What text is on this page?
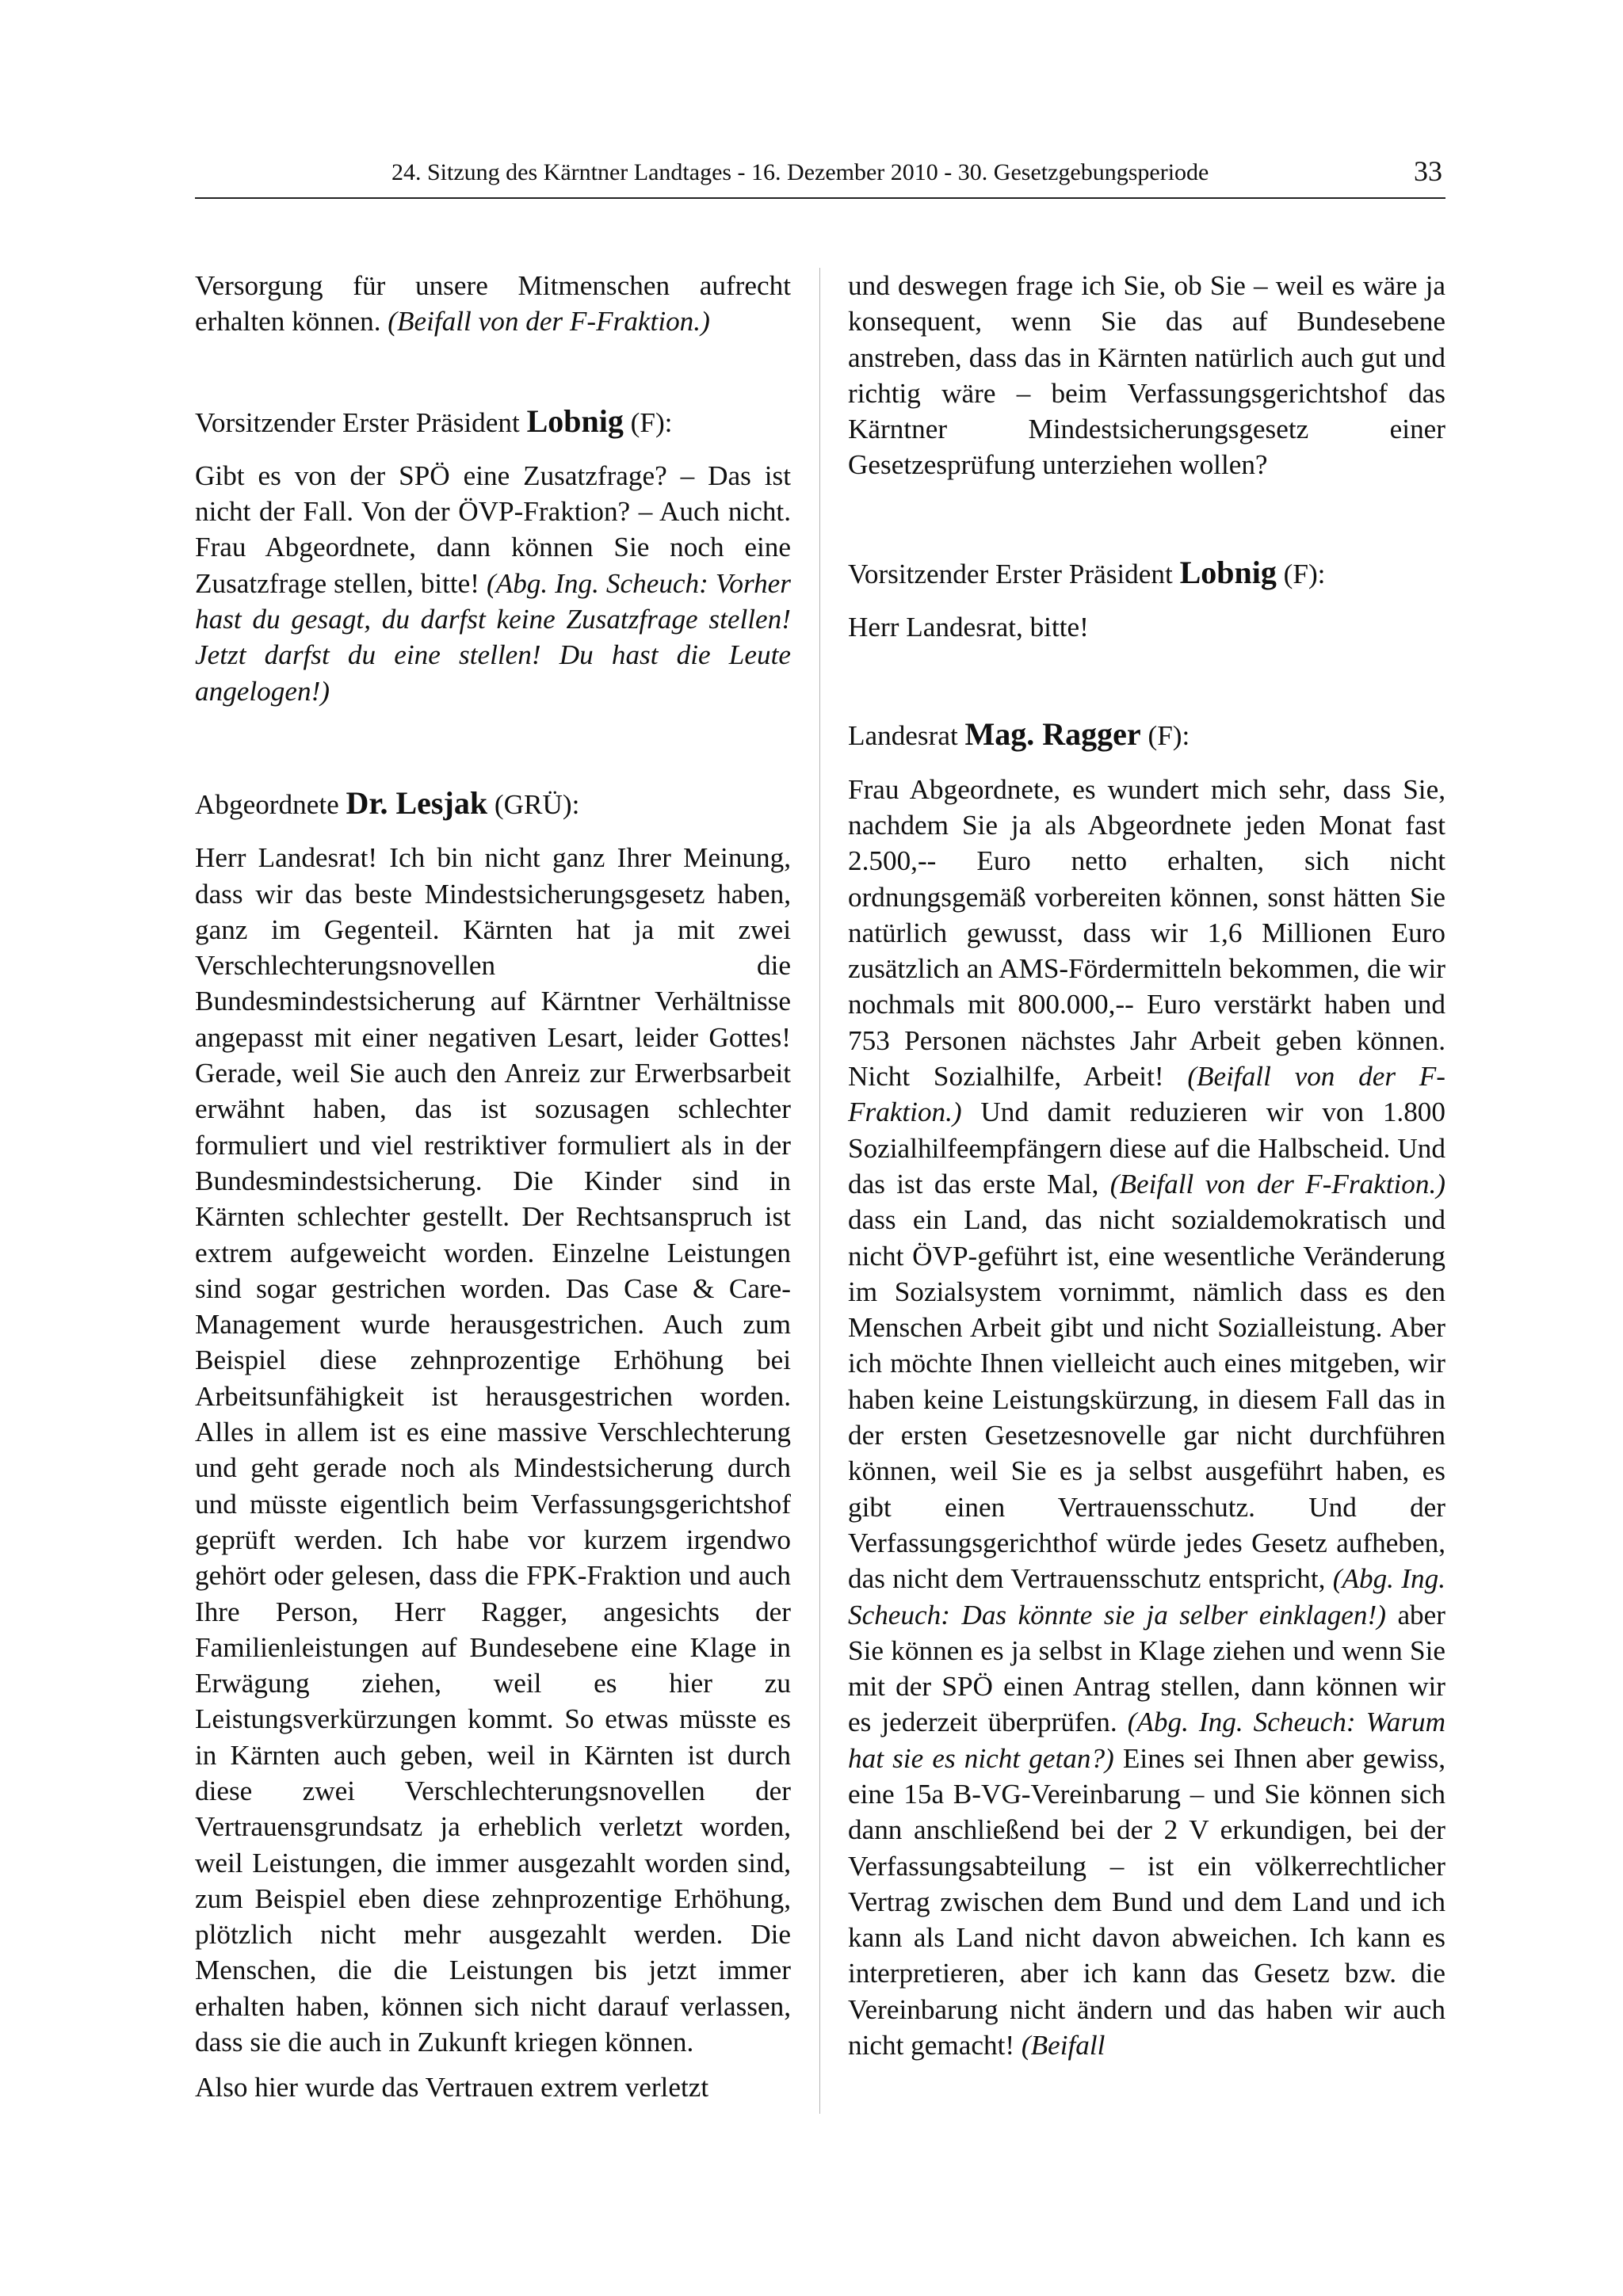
24. Sitzung des Kärntner Landtages - 16. Dezember 2010 - 30. Gesetzgebungsperiode	33

Versorgung für unsere Mitmenschen aufrecht erhalten können. (Beifall von der F-Fraktion.)

Vorsitzender Erster Präsident Lobnig (F):

Gibt es von der SPÖ eine Zusatzfrage? – Das ist nicht der Fall. Von der ÖVP-Fraktion? – Auch nicht. Frau Abgeordnete, dann können Sie noch eine Zusatzfrage stellen, bitte! (Abg. Ing. Scheuch: Vorher hast du gesagt, du darfst keine Zusatzfrage stellen! Jetzt darfst du eine stellen! Du hast die Leute angelogen!)

Abgeordnete Dr. Lesjak (GRÜ):

Herr Landesrat! Ich bin nicht ganz Ihrer Meinung, dass wir das beste Mindestsicherungsgesetz haben, ganz im Gegenteil. Kärnten hat ja mit zwei Verschlechterungsnovellen die Bundesmindestsicherung auf Kärntner Verhältnisse angepasst mit einer negativen Lesart, leider Gottes! Gerade, weil Sie auch den Anreiz zur Erwerbsarbeit erwähnt haben, das ist sozusagen schlechter formuliert und viel restriktiver formuliert als in der Bundesmindestsicherung. Die Kinder sind in Kärnten schlechter gestellt. Der Rechtsanspruch ist extrem aufgeweicht worden. Einzelne Leistungen sind sogar gestrichen worden. Das Case & Care-Management wurde herausgestrichen. Auch zum Beispiel diese zehnprozentige Erhöhung bei Arbeitsunfähigkeit ist herausgestrichen worden. Alles in allem ist es eine massive Verschlechterung und geht gerade noch als Mindestsicherung durch und müsste eigentlich beim Verfassungsgerichtshof geprüft werden. Ich habe vor kurzem irgendwo gehört oder gelesen, dass die FPK-Fraktion und auch Ihre Person, Herr Ragger, angesichts der Familienleistungen auf Bundesebene eine Klage in Erwägung ziehen, weil es hier zu Leistungsverkürzungen kommt. So etwas müsste es in Kärnten auch geben, weil in Kärnten ist durch diese zwei Verschlechterungsnovellen der Vertrauensgrundsatz ja erheblich verletzt worden, weil Leistungen, die immer ausgezahlt worden sind, zum Beispiel eben diese zehnprozentige Erhöhung, plötzlich nicht mehr ausgezahlt werden. Die Menschen, die die Leistungen bis jetzt immer erhalten haben, können sich nicht darauf verlassen, dass sie die auch in Zukunft kriegen können.

Also hier wurde das Vertrauen extrem verletzt

und deswegen frage ich Sie, ob Sie – weil es wäre ja konsequent, wenn Sie das auf Bundesebene anstreben, dass das in Kärnten natürlich auch gut und richtig wäre – beim Verfassungsgerichtshof das Kärntner Mindestsicherungsgesetz einer Gesetzesprüfung unterziehen wollen?

Vorsitzender Erster Präsident Lobnig (F):

Herr Landesrat, bitte!

Landesrat Mag. Ragger (F):

Frau Abgeordnete, es wundert mich sehr, dass Sie, nachdem Sie ja als Abgeordnete jeden Monat fast 2.500,-- Euro netto erhalten, sich nicht ordnungsgemäß vorbereiten können, sonst hätten Sie natürlich gewusst, dass wir 1,6 Millionen Euro zusätzlich an AMS-Fördermitteln bekommen, die wir nochmals mit 800.000,-- Euro verstärkt haben und 753 Personen nächstes Jahr Arbeit geben können. Nicht Sozialhilfe, Arbeit! (Beifall von der F-Fraktion.) Und damit reduzieren wir von 1.800 Sozialhilfeempfängern diese auf die Halbscheid. Und das ist das erste Mal, (Beifall von der F-Fraktion.) dass ein Land, das nicht sozialdemokratisch und nicht ÖVP-geführt ist, eine wesentliche Veränderung im Sozialsystem vornimmt, nämlich dass es den Menschen Arbeit gibt und nicht Sozialleistung. Aber ich möchte Ihnen vielleicht auch eines mitgeben, wir haben keine Leistungskürzung, in diesem Fall das in der ersten Gesetzesnovelle gar nicht durchführen können, weil Sie es ja selbst ausgeführt haben, es gibt einen Vertrauensschutz. Und der Verfassungsgerichthof würde jedes Gesetz aufheben, das nicht dem Vertrauensschutz entspricht, (Abg. Ing. Scheuch: Das könnte sie ja selber einklagen!) aber Sie können es ja selbst in Klage ziehen und wenn Sie mit der SPÖ einen Antrag stellen, dann können wir es jederzeit überprüfen. (Abg. Ing. Scheuch: Warum hat sie es nicht getan?) Eines sei Ihnen aber gewiss, eine 15a B-VG-Vereinbarung – und Sie können sich dann anschließend bei der 2 V erkundigen, bei der Verfassungsabteilung – ist ein völkerrechtlicher Vertrag zwischen dem Bund und dem Land und ich kann als Land nicht davon abweichen. Ich kann es interpretieren, aber ich kann das Gesetz bzw. die Vereinbarung nicht ändern und das haben wir auch nicht gemacht! (Beifall
